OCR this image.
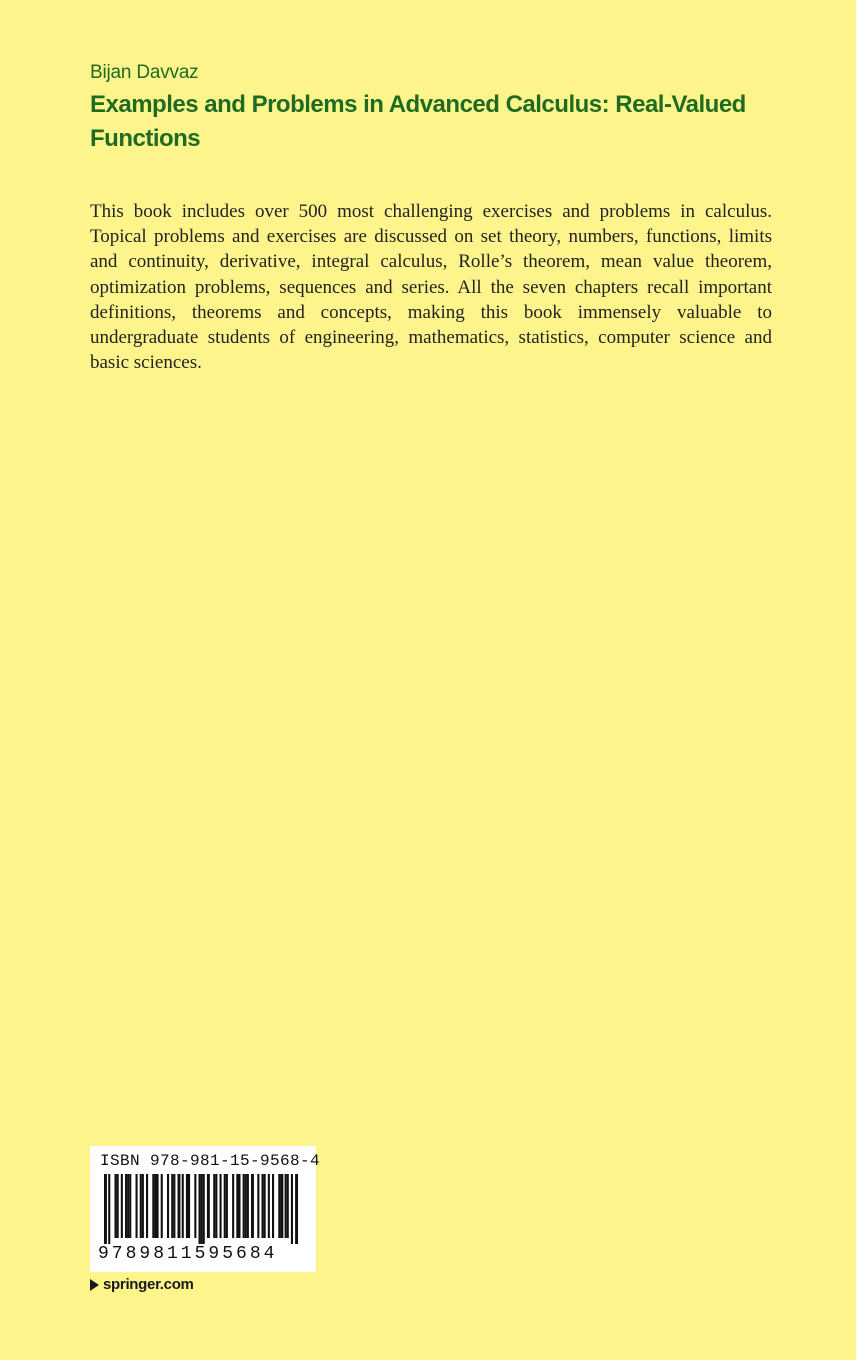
Bijan Davvaz
Examples and Problems in Advanced Calculus: Real-Valued Functions
This book includes over 500 most challenging exercises and problems in calculus. Topical problems and exercises are discussed on set theory, numbers, functions, limits and continuity, derivative, integral calculus, Rolle’s theorem, mean value theorem, optimization problems, sequences and series. All the seven chapters recall important definitions, theorems and concepts, making this book immensely valuable to undergraduate students of engineering, mathematics, statistics, computer science and basic sciences.
ISBN 978-981-15-9568-4
9789811595684
springer.com
